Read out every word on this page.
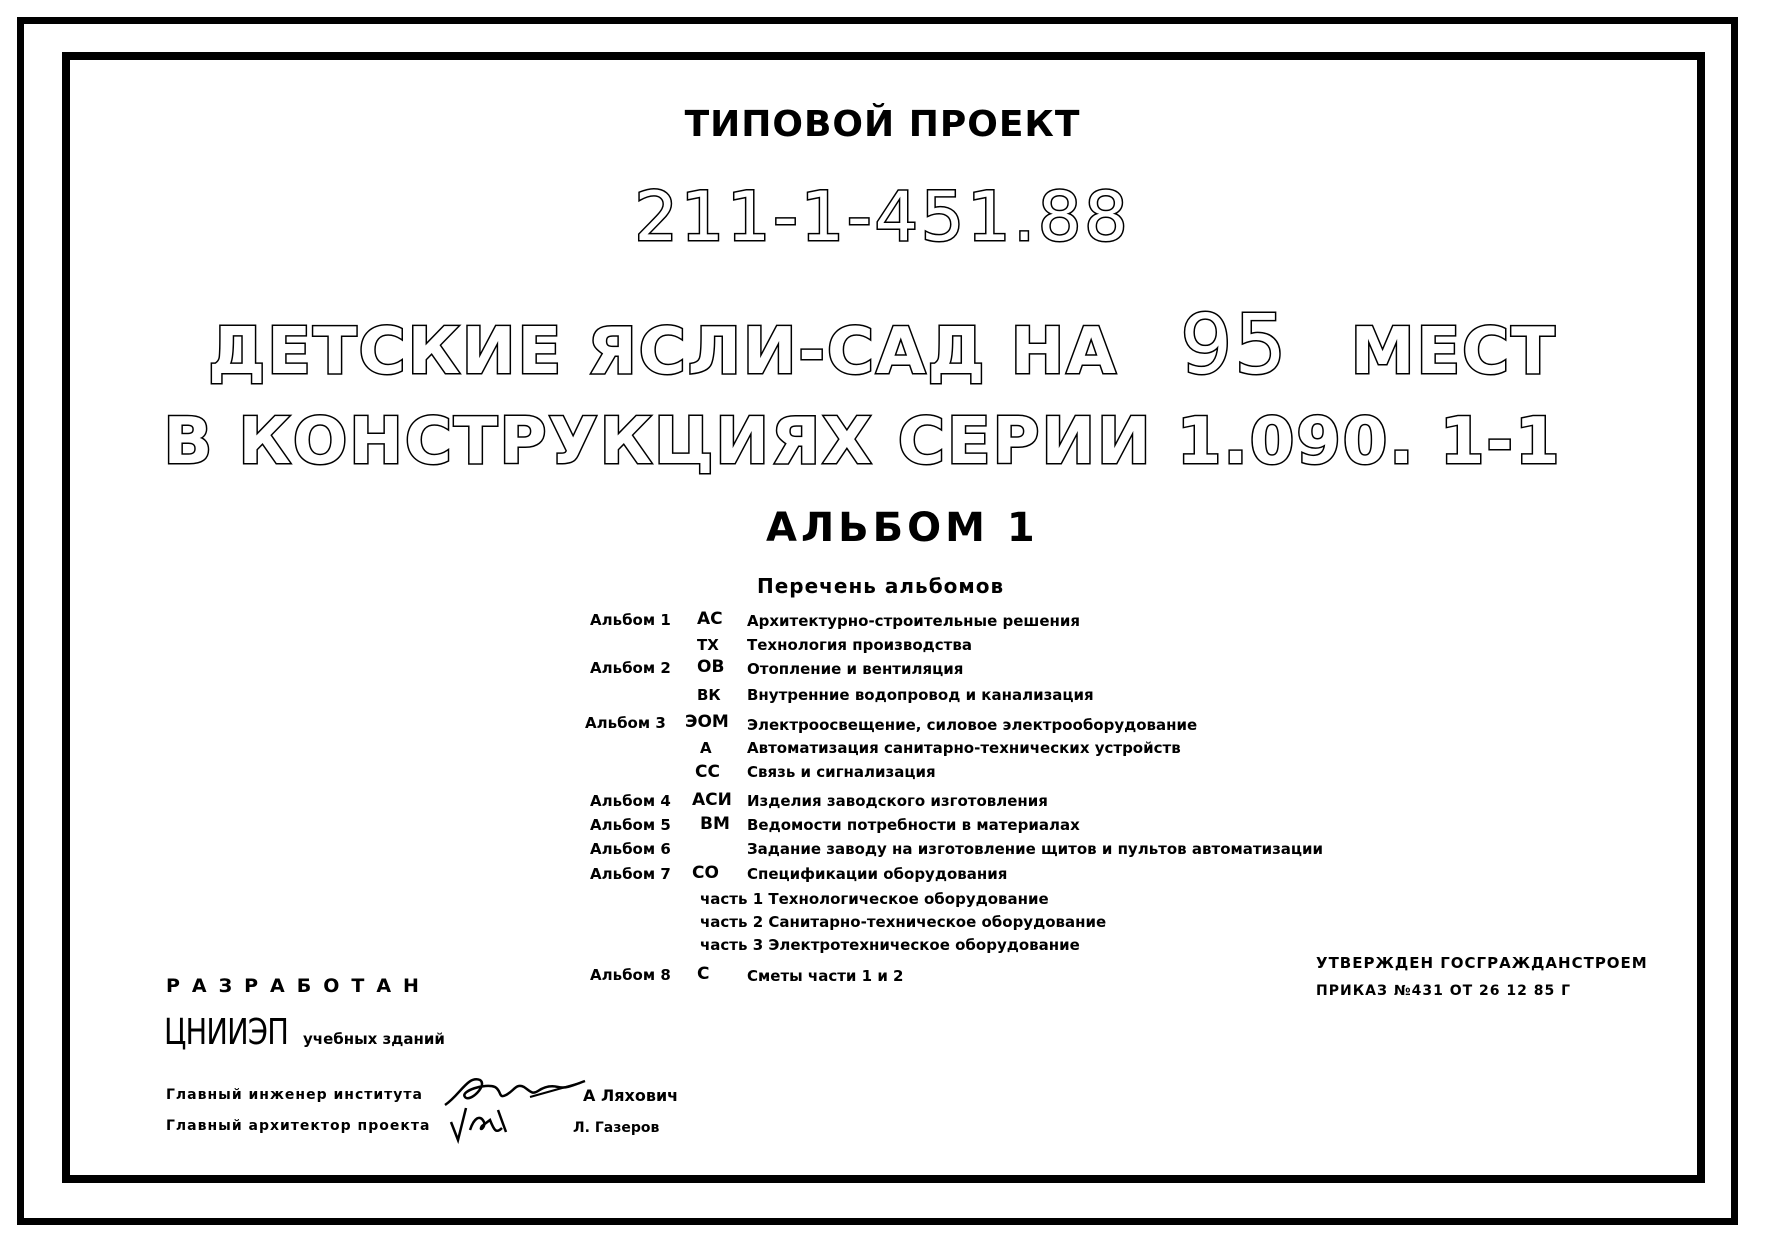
ТИПОВОЙ ПРОЕКТ
211-1-451.88
ДЕТСКИЕ ЯСЛИ-САД НА 95 МЕСТ
В КОНСТРУКЦИЯХ СЕРИИ 1.090. 1-1
АЛЬБОМ 1
Перечень альбомов
Альбом 1 АС Архитектурно-строительные решения
ТХ Технология производства
Альбом 2 ОВ Отопление и вентиляция
ВК Внутренние водопровод и канализация
Альбом 3 ЭОМ Электроосвещение, силовое электрооборудование
А Автоматизация санитарно-технических устройств
СС Связь и сигнализация
Альбом 4 АСИ Изделия заводского изготовления
Альбом 5 ВМ Ведомости потребности в материалах
Альбом 6	Задание заводу на изготовление щитов и пультов автоматизации
Альбом 7 СО Спецификации оборудования
часть 1 Технологическое оборудование
часть 2 Санитарно-техническое оборудование
часть 3 Электротехническое оборудование
Альбом 8 С	Сметы части 1 и 2
РАЗРАБОТАН
ЦНИИЭП учебных зданий
Главный инженер института	А Ляхович
Главный архитектор проекта	Л. Газеров
УТВЕРЖДЕН ГОСГРАЖДАНСТРОЕМ
ПРИКАЗ №431 ОТ 26 12 85 Г
